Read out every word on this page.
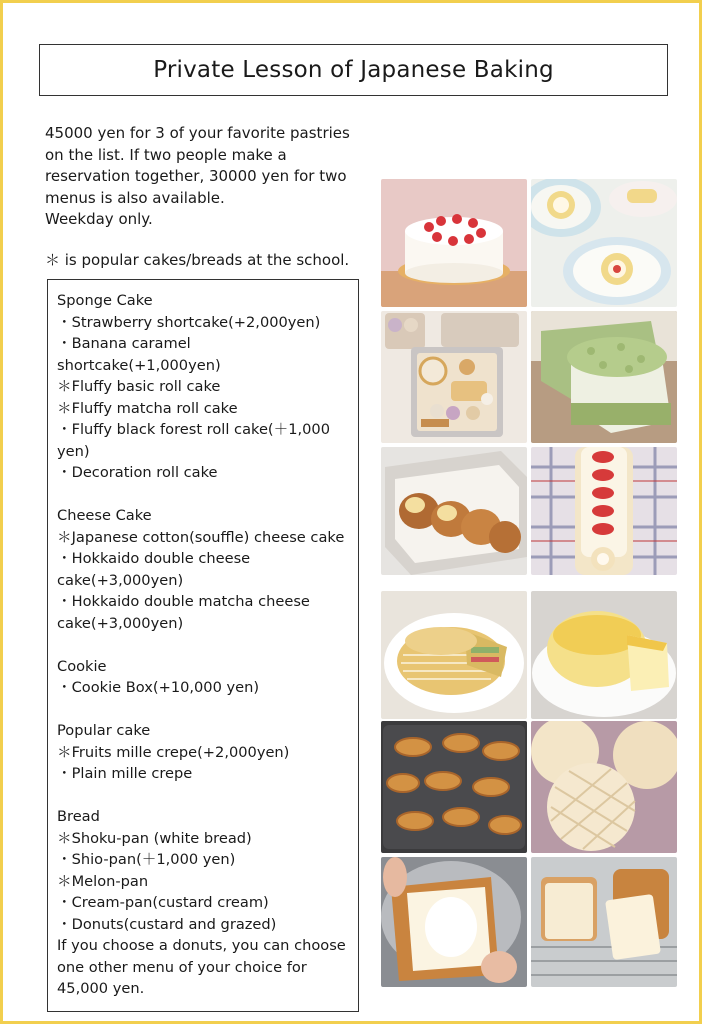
Private Lesson of Japanese Baking

45000 yen for 3 of your favorite pastries

on the list. If two people make a

reservation together, 30000 yen for two

menus is also available.

Weekday only.

＊ is popular cakes/breads at the school.
Sponge Cake
・Strawberry shortcake(+2,000yen)
・Banana caramel
shortcake(+1,000yen)
＊Fluffy basic roll cake
＊Fluffy matcha roll cake
・Fluffy black forest roll cake(＋1,000
yen)
・Decoration roll cake
Cheese Cake
＊Japanese cotton(souffle) cheese cake
・Hokkaido double cheese
cake(+3,000yen)
・Hokkaido double matcha cheese
cake(+3,000yen)
Cookie
・Cookie Box(+10,000 yen)
Popular cake
＊Fruits mille crepe(+2,000yen)
・Plain mille crepe
Bread
＊Shoku-pan (white bread)
・Shio-pan(＋1,000 yen)
＊Melon-pan
・Cream-pan(custard cream)
・Donuts(custard and grazed)
If you choose a donuts, you can choose
one other menu of your choice for
45,000 yen.
